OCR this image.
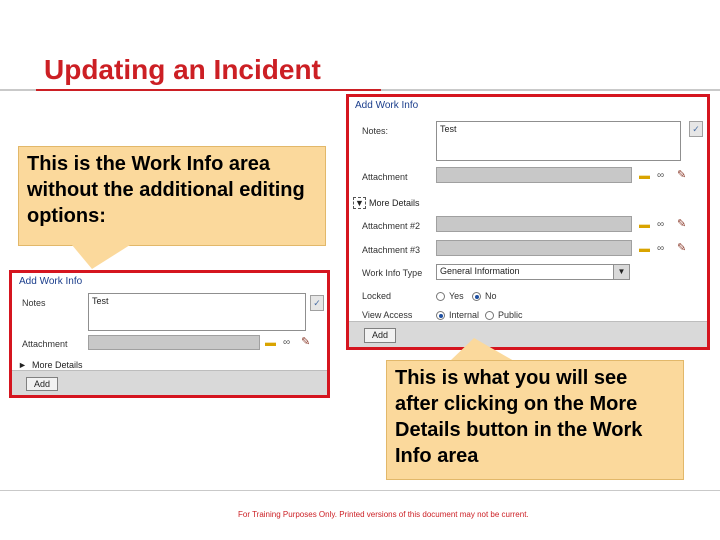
Updating an Incident
This is the Work Info area without the additional editing options:
Add Work Info
Notes	Test	✓
Attachment	▬ ∞ ✎
► More Details
Add
Add Work Info
Notes:	Test	✓
Attachment	▬ ∞ ✎
▼ More Details
Attachment #2	▬ ∞ ✎
Attachment #3	▬ ∞ ✎
Work Info Type	General Information	▼
Locked	Yes No
View Access	Internal Public
Add
This is what you will see after clicking on the More Details button in the Work Info area
For Training Purposes Only. Printed versions of this document may not be current.
